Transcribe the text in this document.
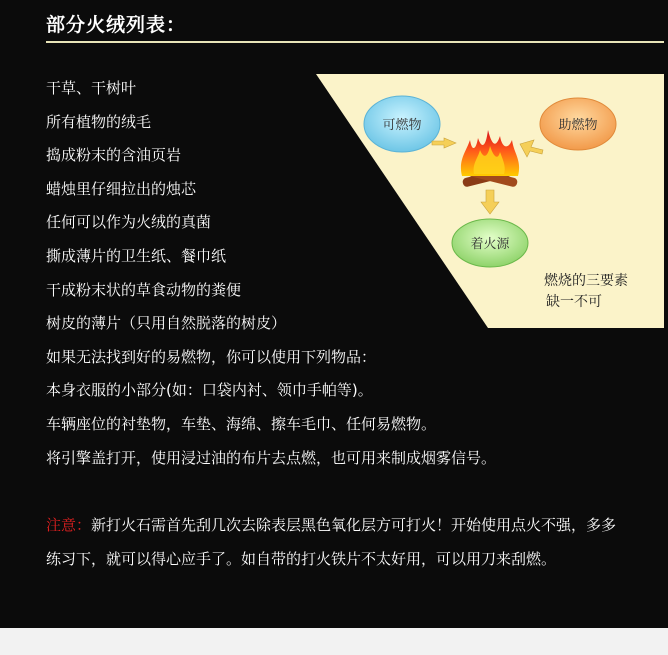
部分火绒列表：
干草、干树叶
所有植物的绒毛
捣成粉末的含油页岩
蜡烛里仔细拉出的烛芯
任何可以作为火绒的真菌
撕成薄片的卫生纸、餐巾纸
干成粉末状的草食动物的粪便
树皮的薄片（只用自然脱落的树皮）
如果无法找到好的易燃物，你可以使用下列物品：
本身衣服的小部分(如：口袋内衬、领巾手帕等)。
车辆座位的衬垫物，车垫、海绵、擦车毛巾、任何易燃物。
将引擎盖打开，使用浸过油的布片去点燃，也可用来制成烟雾信号。
可燃物	助燃物
着火源
燃烧的三要素
缺一不可
注意：新打火石需首先刮几次去除表层黑色氧化层方可打火！开始使用点火不强，多多练习下，就可以得心应手了。如自带的打火铁片不太好用，可以用刀来刮燃。
